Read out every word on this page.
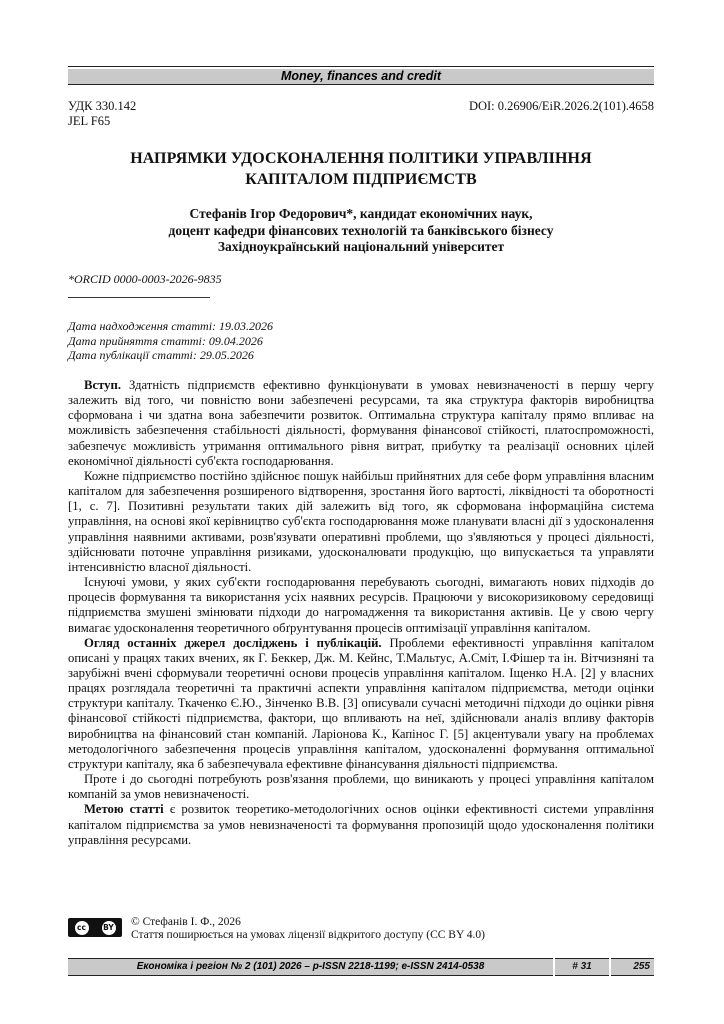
Money, finances and credit
УДК 330.142
JEL F65
DOI: 0.26906/EiR.2026.2(101).4658
НАПРЯМКИ УДОСКОНАЛЕННЯ ПОЛІТИКИ УПРАВЛІННЯ
КАПІТАЛОМ ПІДПРИЄМСТВ
Стефанів Ігор Федорович*, кандидат економічних наук,
доцент кафедри фінансових технологій та банківського бізнесу
Західноукраїнський національний університет
*ORCID 0000-0003-2026-9835
Дата надходження статті: 19.03.2026
Дата прийняття статті: 09.04.2026
Дата публікації статті: 29.05.2026

Вступ. Здатність підприємств ефективно функціонувати в умовах невизначеності в першу чергу залежить від того, чи повністю вони забезпечені ресурсами, та яка структура факторів виробництва сформована і чи здатна вона забезпечити розвиток. Оптимальна структура капіталу прямо впливає на можливість забезпечення стабільності діяльності, формування фінансової стійкості, платоспроможності, забезпечує можливість утримання оптимального рівня витрат, прибутку та реалізації основних цілей економічної діяльності суб'єкта господарювання.

Кожне підприємство постійно здійснює пошук найбільш прийнятних для себе форм управління власним капіталом для забезпечення розширеного відтворення, зростання його вартості, ліквідності та оборотності [1, с. 7]. Позитивні результати таких дій залежить від того, як сформована інформаційна система управління, на основі якої керівництво суб'єкта господарювання може планувати власні дії з удосконалення управління наявними активами, розв'язувати оперативні проблеми, що з'являються у процесі діяльності, здійснювати поточне управління ризиками, удосконалювати продукцію, що випускається та управляти інтенсивністю власної діяльності.

Існуючі умови, у яких суб'єкти господарювання перебувають сьогодні, вимагають нових підходів до процесів формування та використання усіх наявних ресурсів. Працюючи у високоризиковому середовищі підприємства змушені змінювати підходи до нагромадження та використання активів. Це у свою чергу вимагає удосконалення теоретичного обґрунтування процесів оптимізації управління капіталом.

Огляд останніх джерел досліджень і публікацій. Проблеми ефективності управління капіталом описані у працях таких вчених, як Г. Беккер, Дж. М. Кейнс, Т.Мальтус, А.Сміт, І.Фішер та ін. Вітчизняні та зарубіжні вчені сформували теоретичні основи процесів управління капіталом. Іщенко Н.А. [2] у власних працях розглядала теоретичні та практичні аспекти управління капіталом підприємства, методи оцінки структури капіталу. Ткаченко Є.Ю., Зінченко В.В. [3] описували сучасні методичні підходи до оцінки рівня фінансової стійкості підприємства, фактори, що впливають на неї, здійснювали аналіз впливу факторів виробництва на фінансовий стан компаній. Ларіонова К., Капінос Г. [5] акцентували увагу на проблемах методологічного забезпечення процесів управління капіталом, удосконаленні формування оптимальної структури капіталу, яка б забезпечувала ефективне фінансування діяльності підприємства.

Проте і до сьогодні потребують розв'язання проблеми, що виникають у процесі управління капіталом компаній за умов невизначеності.

Метою статті є розвиток теоретико-методологічних основ оцінки ефективності системи управління капіталом підприємства за умов невизначеності та формування пропозицій щодо удосконалення політики управління ресурсами.

cc	BY © Стефанів І. Ф., 2026
Стаття поширюється на умовах ліцензії відкритого доступу (CC BY 4.0)
Економіка і регіон № 2 (101) 2026 – p-ISSN 2218-1199; e-ISSN 2414-0538	# 31	255
